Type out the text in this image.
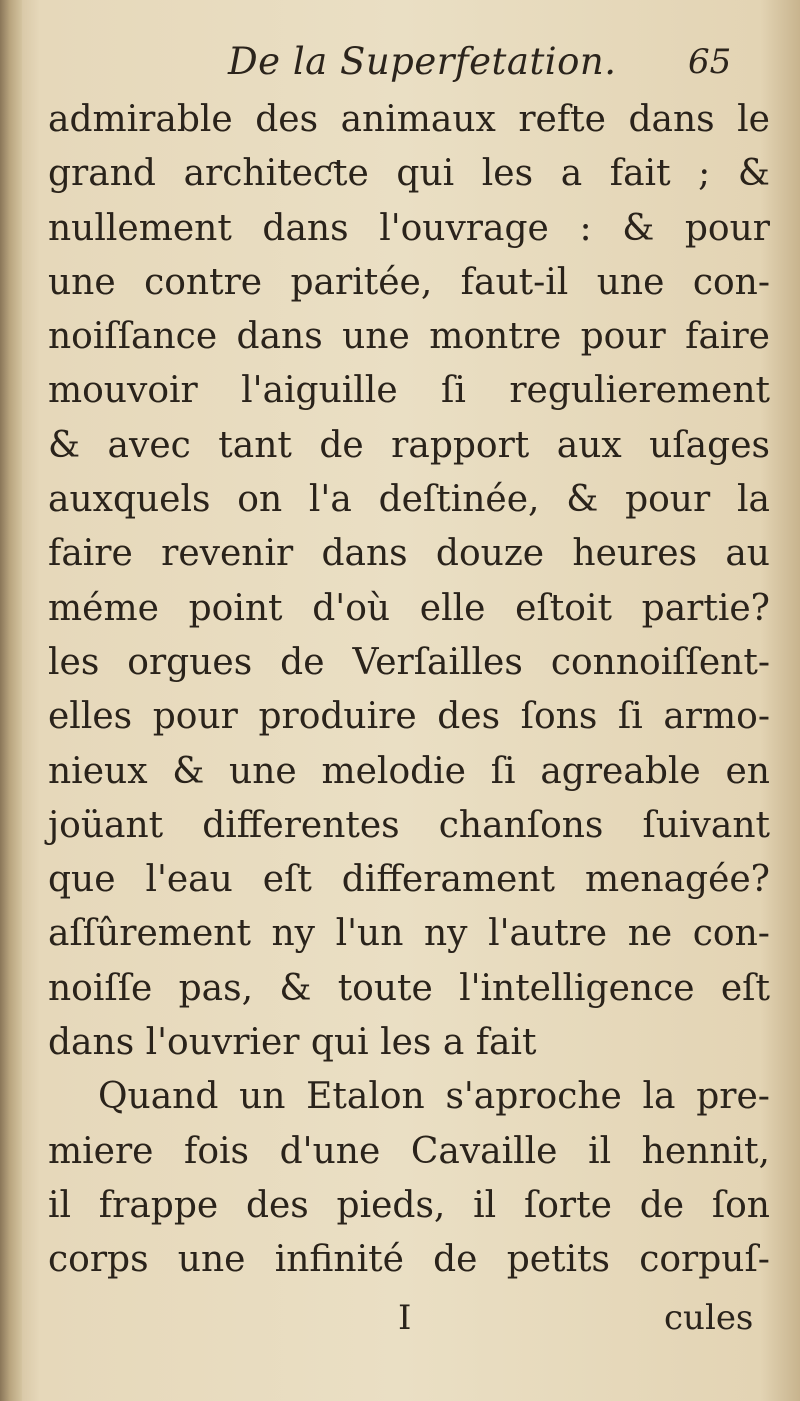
De la Superfetation. 65
admirable des animaux refte dans le
grand architeƈte qui les a fait ; &
nullement dans l'ouvrage : & pour
une contre paritée, faut-il une con-
noiſſance dans une montre pour faire
mouvoir l'aiguille ſi regulierement
& avec tant de rapport aux uſages
auxquels on l'a deſtinée, & pour la
faire revenir dans douze heures au
méme point d'où elle eſtoit partie?
les orgues de Verſailles connoiſſent-
elles pour produire des ſons ſi armo-
nieux & une melodie ſi agreable en
joüant differentes chanſons ſuivant
que l'eau eſt differament menagée?
aſſûrement ny l'un ny l'autre ne con-
noiſſe pas, & toute l'intelligence eſt
dans l'ouvrier qui les a fait
Quand un Etalon s'aproche la pre-
miere fois d'une Cavaille il hennit,
il frappe des pieds, il ſorte de ſon
corps une infinité de petits corpuſ-
I	cules
